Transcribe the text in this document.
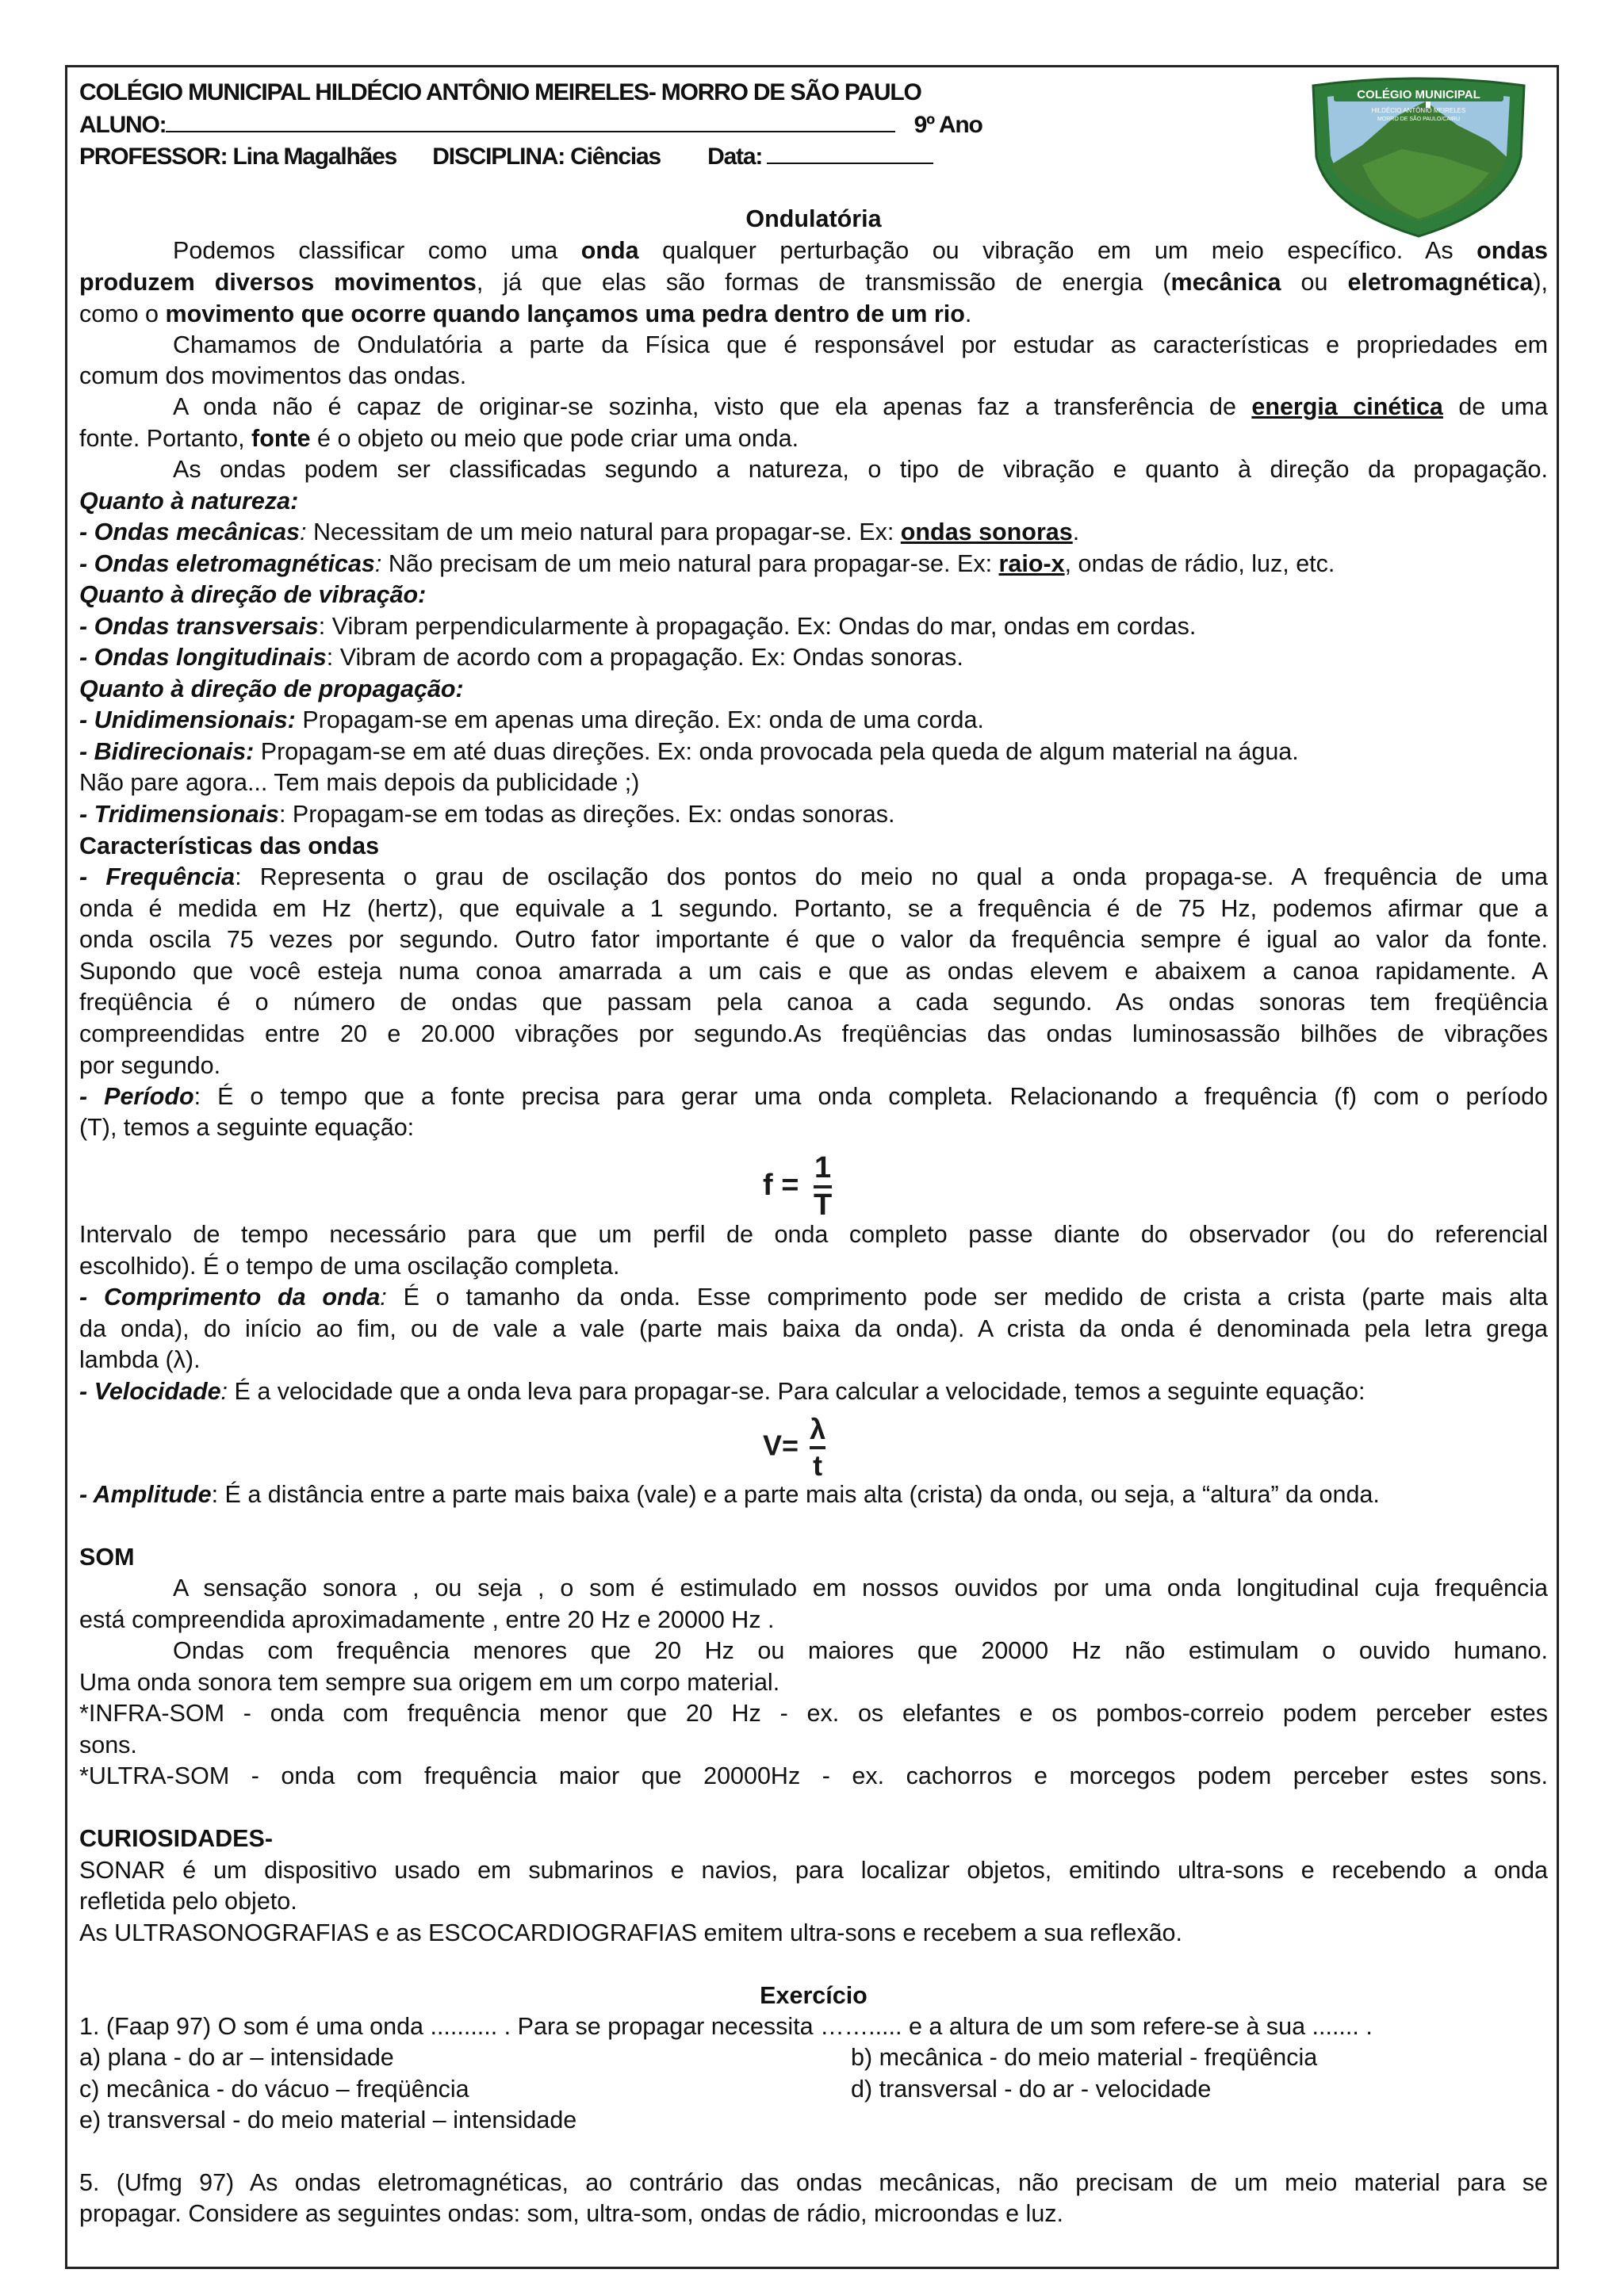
COLÉGIO MUNICIPAL HILDÉCIO ANTÔNIO MEIRELES- MORRO DE SÃO PAULO
ALUNO:	9º Ano
PROFESSOR: Lina Magalhães DISCIPLINA: Ciências Data:
COLÉGIO MUNICIPAL
HILDÉCIO ANTÔNIO MEIRELES
MORRO DE SÃO PAULO/CAIRU
Ondulatória
Podemos classificar como uma onda qualquer perturbação ou vibração em um meio específico. As ondas
produzem diversos movimentos, já que elas são formas de transmissão de energia (mecânica ou eletromagnética),
como o movimento que ocorre quando lançamos uma pedra dentro de um rio.
Chamamos de Ondulatória a parte da Física que é responsável por estudar as características e propriedades em
comum dos movimentos das ondas.
A onda não é capaz de originar-se sozinha, visto que ela apenas faz a transferência de energia cinética de uma
fonte. Portanto, fonte é o objeto ou meio que pode criar uma onda.
As ondas podem ser classificadas segundo a natureza, o tipo de vibração e quanto à direção da propagação.
Quanto à natureza:
- Ondas mecânicas: Necessitam de um meio natural para propagar-se. Ex: ondas sonoras.
- Ondas eletromagnéticas: Não precisam de um meio natural para propagar-se. Ex: raio-x, ondas de rádio, luz, etc.
Quanto à direção de vibração:
- Ondas transversais: Vibram perpendicularmente à propagação. Ex: Ondas do mar, ondas em cordas.
- Ondas longitudinais: Vibram de acordo com a propagação. Ex: Ondas sonoras.
Quanto à direção de propagação:
- Unidimensionais: Propagam-se em apenas uma direção. Ex: onda de uma corda.
- Bidirecionais: Propagam-se em até duas direções. Ex: onda provocada pela queda de algum material na água.
Não pare agora... Tem mais depois da publicidade ;)
- Tridimensionais: Propagam-se em todas as direções. Ex: ondas sonoras.
Características das ondas
- Frequência: Representa o grau de oscilação dos pontos do meio no qual a onda propaga-se. A frequência de uma
onda é medida em Hz (hertz), que equivale a 1 segundo. Portanto, se a frequência é de 75 Hz, podemos afirmar que a
onda oscila 75 vezes por segundo. Outro fator importante é que o valor da frequência sempre é igual ao valor da fonte.
Supondo que você esteja numa conoa amarrada a um cais e que as ondas elevem e abaixem a canoa rapidamente. A
freqüência é o número de ondas que passam pela canoa a cada segundo. As ondas sonoras tem freqüência
compreendidas entre 20 e 20.000 vibrações por segundo.As freqüências das ondas luminosassão bilhões de vibrações
por segundo.
- Período: É o tempo que a fonte precisa para gerar uma onda completa. Relacionando a frequência (f) com o período
(T), temos a seguinte equação:
$f = \frac{1}{T}$
Intervalo de tempo necessário para que um perfil de onda completo passe diante do observador (ou do referencial
escolhido). É o tempo de uma oscilação completa.
- Comprimento da onda: É o tamanho da onda. Esse comprimento pode ser medido de crista a crista (parte mais alta
da onda), do início ao fim, ou de vale a vale (parte mais baixa da onda). A crista da onda é denominada pela letra grega
lambda (λ).
- Velocidade: É a velocidade que a onda leva para propagar-se. Para calcular a velocidade, temos a seguinte equação:
$V= \frac{\lambda}{t}$
- Amplitude: É a distância entre a parte mais baixa (vale) e a parte mais alta (crista) da onda, ou seja, a “altura” da onda.
SOM
A sensação sonora , ou seja , o som é estimulado em nossos ouvidos por uma onda longitudinal cuja frequência
está compreendida aproximadamente , entre 20 Hz e 20000 Hz .
Ondas com frequência menores que 20 Hz ou maiores que 20000 Hz não estimulam o ouvido humano.
Uma onda sonora tem sempre sua origem em um corpo material.
*INFRA-SOM - onda com frequência menor que 20 Hz - ex. os elefantes e os pombos-correio podem perceber estes
sons.
*ULTRA-SOM - onda com frequência maior que 20000Hz - ex. cachorros e morcegos podem perceber estes sons.
CURIOSIDADES-
SONAR é um dispositivo usado em submarinos e navios, para localizar objetos, emitindo ultra-sons e recebendo a onda
refletida pelo objeto.
As ULTRASONOGRAFIAS e as ESCOCARDIOGRAFIAS emitem ultra-sons e recebem a sua reflexão.
Exercício
1. (Faap 97) O som é uma onda .......... . Para se propagar necessita ……..... e a altura de um som refere-se à sua ....... .
a) plana - do ar – intensidade	b) mecânica - do meio material - freqüência
c) mecânica - do vácuo – freqüência	d) transversal - do ar - velocidade
e) transversal - do meio material – intensidade
5. (Ufmg 97) As ondas eletromagnéticas, ao contrário das ondas mecânicas, não precisam de um meio material para se
propagar. Considere as seguintes ondas: som, ultra-som, ondas de rádio, microondas e luz.
